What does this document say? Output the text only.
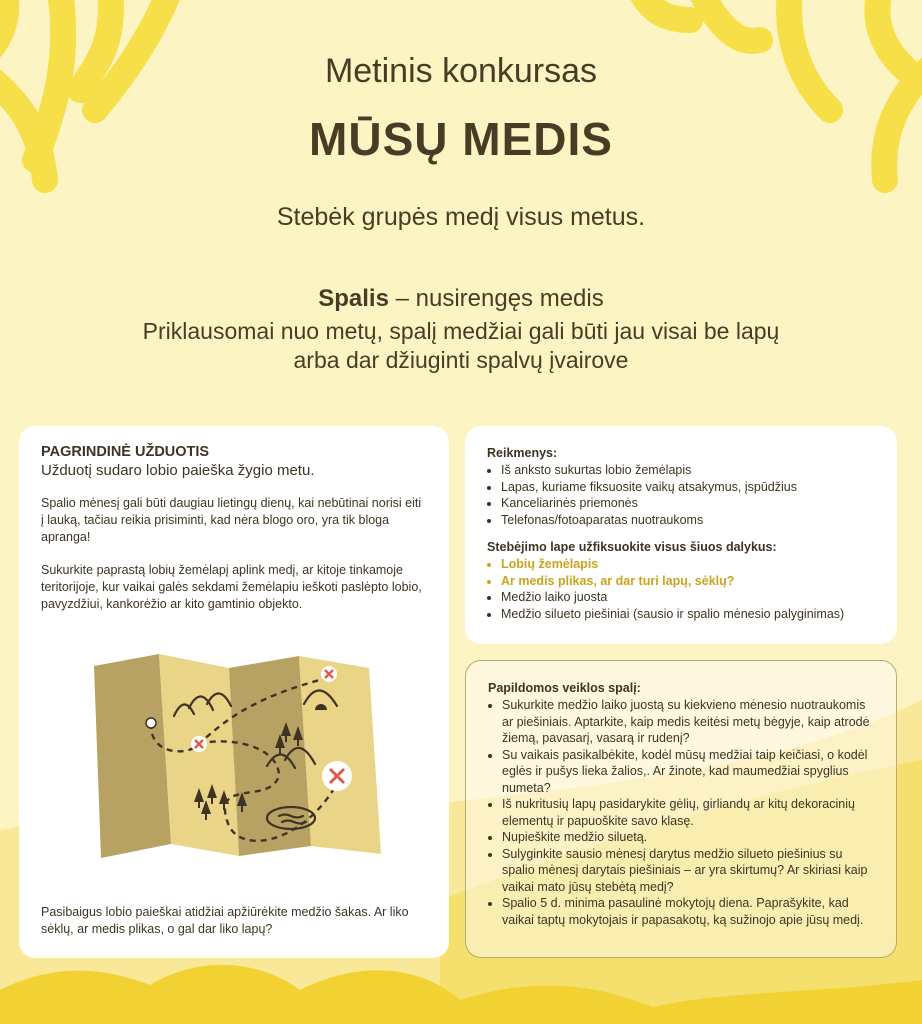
Metinis konkursas
MŪSŲ MEDIS
Stebėk grupės medį visus metus.
Spalis – nusirengęs medis
Priklausomai nuo metų, spalį medžiai gali būti jau visai be lapų
arba dar džiuginti spalvų įvairove
PAGRINDINĖ UŽDUOTIS
Užduotį sudaro lobio paieška žygio metu.

Spalio mėnesį gali būti daugiau lietingų dienų, kai nebūtinai norisi eiti į lauką, tačiau reikia prisiminti, kad nėra blogo oro, yra tik bloga apranga!

Sukurkite paprastą lobių žemėlapį aplink medį, ar kitoje tinkamoje teritorijoje, kur vaikai galės sekdami žemėlapiu ieškoti paslėpto lobio, pavyzdžiui, kankorėžio ar kito gamtinio objekto.

Pasibaigus lobio paieškai atidžiai apžiūrėkite medžio šakas. Ar liko sėklų, ar medis plikas, o gal dar liko lapų?

Reikmenys:
• Iš anksto sukurtas lobio žemėlapis
• Lapas, kuriame fiksuosite vaikų atsakymus, įspūdžius
• Kanceliarinės priemonės
• Telefonas/fotoaparatas nuotraukoms
Stebėjimo lape užfiksuokite visus šiuos dalykus:
• Lobių žemėlapis
• Ar medis plikas, ar dar turi lapų, sėklų?
• Medžio laiko juosta
• Medžio silueto piešiniai (sausio ir spalio mėnesio palyginimas)
Papildomos veiklos spalį:
• Sukurkite medžio laiko juostą su kiekvieno mėnesio nuotraukomis ar piešiniais. Aptarkite, kaip medis keitėsi metų bėgyje, kaip atrodė žiemą, pavasarį, vasarą ir rudenį?
• Su vaikais pasikalbėkite, kodėl mūsų medžiai taip keičiasi, o kodėl eglės ir pušys lieka žalios,. Ar žinote, kad maumedžiai spyglius numeta?
• Iš nukritusių lapų pasidarykite gėlių, girliandų ar kitų dekoracinių elementų ir papuoškite savo klasę.
• Nupieškite medžio siluetą.
• Sulyginkite sausio mėnesį darytus medžio silueto piešinius su spalio mėnesį darytais piešiniais – ar yra skirtumų? Ar skiriasi kaip vaikai mato jūsų stebėtą medį?
• Spalio 5 d. minima pasaulinė mokytojų diena. Paprašykite, kad vaikai taptų mokytojais ir papasakotų, ką sužinojo apie jūsų medį.
